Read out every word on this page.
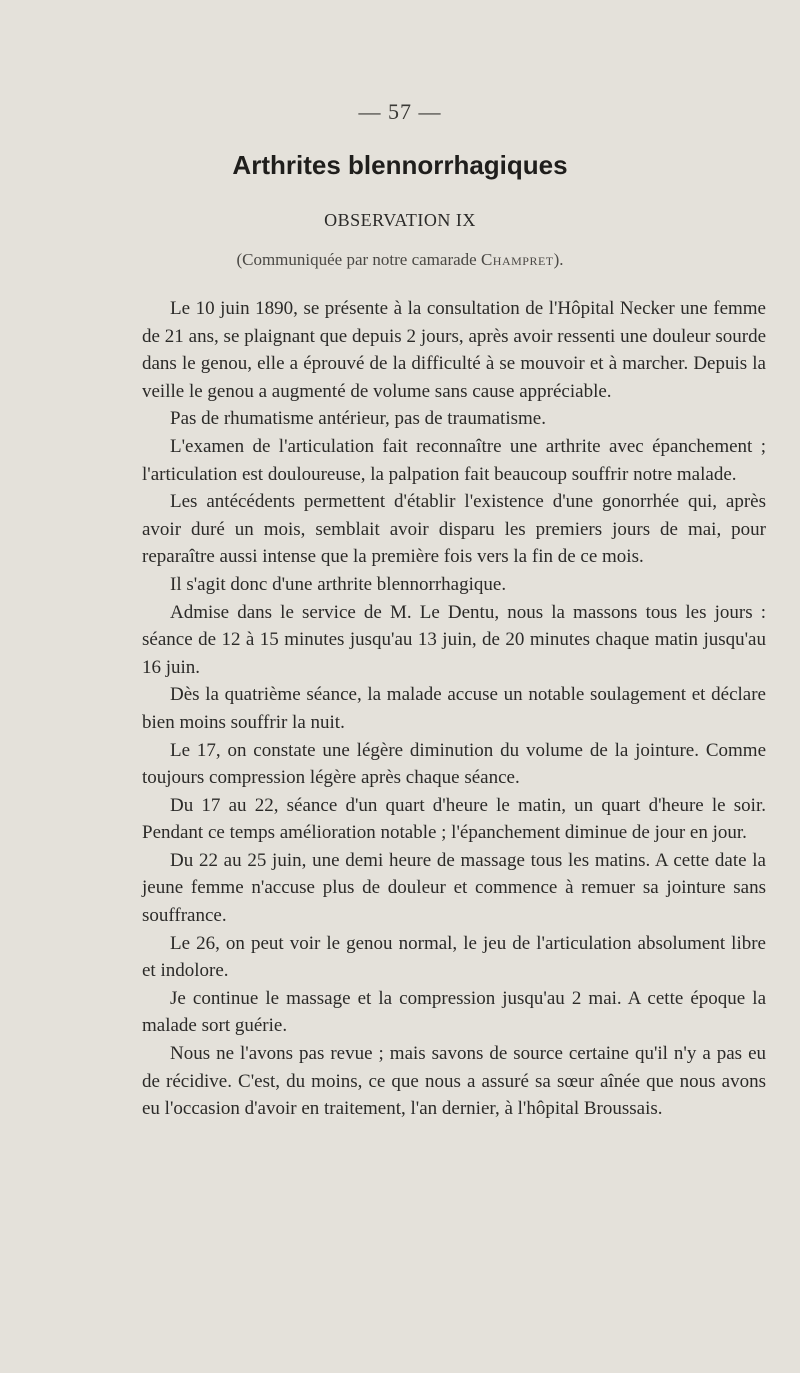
— 57 —
Arthrites blennorrhagiques
OBSERVATION IX
(Communiquée par notre camarade Champret).

Le 10 juin 1890, se présente à la consultation de l'Hôpital Necker une femme de 21 ans, se plaignant que depuis 2 jours, après avoir ressenti une douleur sourde dans le genou, elle a éprouvé de la difficulté à se mouvoir et à marcher. Depuis la veille le genou a augmenté de volume sans cause appréciable.

Pas de rhumatisme antérieur, pas de traumatisme.

L'examen de l'articulation fait reconnaître une arthrite avec épanchement ; l'articulation est douloureuse, la palpation fait beaucoup souffrir notre malade.

Les antécédents permettent d'établir l'existence d'une gonorrhée qui, après avoir duré un mois, semblait avoir disparu les premiers jours de mai, pour reparaître aussi intense que la première fois vers la fin de ce mois.

Il s'agit donc d'une arthrite blennorrhagique.

Admise dans le service de M. Le Dentu, nous la massons tous les jours : séance de 12 à 15 minutes jusqu'au 13 juin, de 20 minutes chaque matin jusqu'au 16 juin.

Dès la quatrième séance, la malade accuse un notable soulagement et déclare bien moins souffrir la nuit.

Le 17, on constate une légère diminution du volume de la jointure. Comme toujours compression légère après chaque séance.

Du 17 au 22, séance d'un quart d'heure le matin, un quart d'heure le soir. Pendant ce temps amélioration notable ; l'épanchement diminue de jour en jour.

Du 22 au 25 juin, une demi heure de massage tous les matins. A cette date la jeune femme n'accuse plus de douleur et commence à remuer sa jointure sans souffrance.

Le 26, on peut voir le genou normal, le jeu de l'articulation absolument libre et indolore.

Je continue le massage et la compression jusqu'au 2 mai. A cette époque la malade sort guérie.

Nous ne l'avons pas revue ; mais savons de source certaine qu'il n'y a pas eu de récidive. C'est, du moins, ce que nous a assuré sa sœur aînée que nous avons eu l'occasion d'avoir en traitement, l'an dernier, à l'hôpital Broussais.
